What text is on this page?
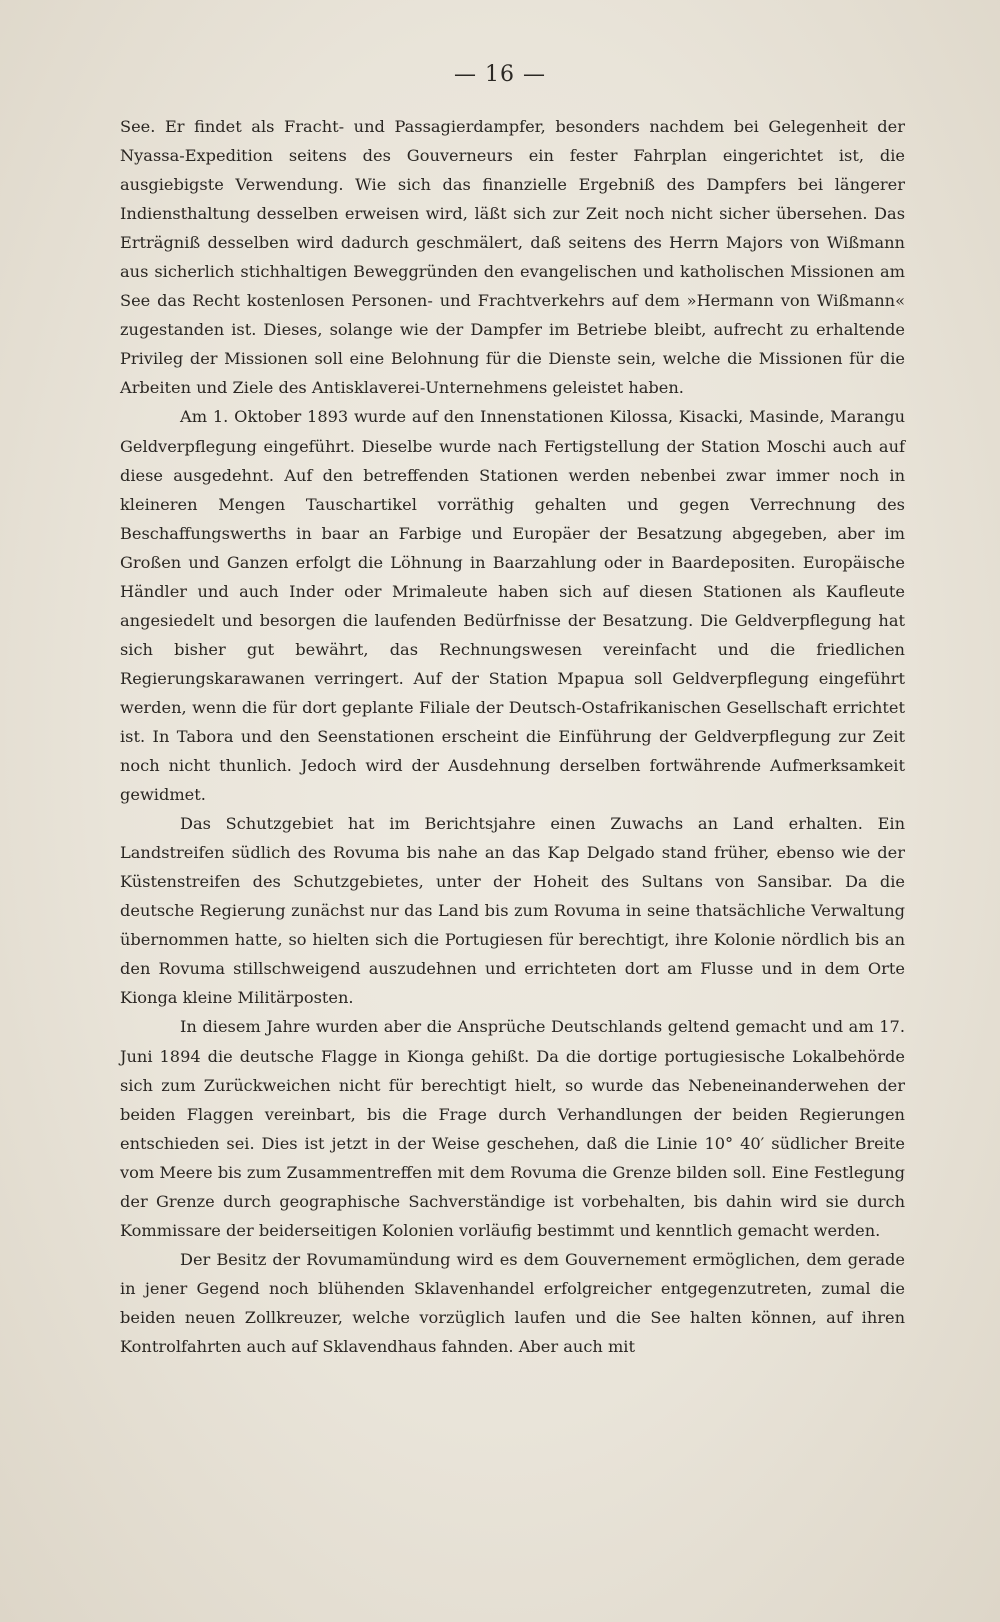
— 16 —

See. Er findet als Fracht- und Passagierdampfer, besonders nachdem bei Gelegenheit der Nyassa-Expedition seitens des Gouverneurs ein fester Fahrplan eingerichtet ist, die ausgiebigste Verwendung. Wie sich das finanzielle Ergebniß des Dampfers bei längerer Indiensthaltung desselben erweisen wird, läßt sich zur Zeit noch nicht sicher übersehen. Das Erträgniß desselben wird dadurch geschmälert, daß seitens des Herrn Majors von Wißmann aus sicherlich stichhaltigen Beweggründen den evangelischen und katholischen Missionen am See das Recht kostenlosen Personen- und Frachtverkehrs auf dem »Hermann von Wißmann« zugestanden ist. Dieses, solange wie der Dampfer im Betriebe bleibt, aufrecht zu erhaltende Privileg der Missionen soll eine Belohnung für die Dienste sein, welche die Missionen für die Arbeiten und Ziele des Antisklaverei-Unternehmens geleistet haben.

Am 1. Oktober 1893 wurde auf den Innenstationen Kilossa, Kisacki, Masinde, Marangu Geldverpflegung eingeführt. Dieselbe wurde nach Fertigstellung der Station Moschi auch auf diese ausgedehnt. Auf den betreffenden Stationen werden nebenbei zwar immer noch in kleineren Mengen Tauschartikel vorräthig gehalten und gegen Verrechnung des Beschaffungswerths in baar an Farbige und Europäer der Besatzung abgegeben, aber im Großen und Ganzen erfolgt die Löhnung in Baarzahlung oder in Baardepositen. Europäische Händler und auch Inder oder Mrimaleute haben sich auf diesen Stationen als Kaufleute angesiedelt und besorgen die laufenden Bedürfnisse der Besatzung. Die Geldverpflegung hat sich bisher gut bewährt, das Rechnungswesen vereinfacht und die friedlichen Regierungskarawanen verringert. Auf der Station Mpapua soll Geldverpflegung eingeführt werden, wenn die für dort geplante Filiale der Deutsch-Ostafrikanischen Gesellschaft errichtet ist. In Tabora und den Seenstationen erscheint die Einführung der Geldverpflegung zur Zeit noch nicht thunlich. Jedoch wird der Ausdehnung derselben fortwährende Aufmerksamkeit gewidmet.

Das Schutzgebiet hat im Berichtsjahre einen Zuwachs an Land erhalten. Ein Landstreifen südlich des Rovuma bis nahe an das Kap Delgado stand früher, ebenso wie der Küstenstreifen des Schutzgebietes, unter der Hoheit des Sultans von Sansibar. Da die deutsche Regierung zunächst nur das Land bis zum Rovuma in seine thatsächliche Verwaltung übernommen hatte, so hielten sich die Portugiesen für berechtigt, ihre Kolonie nördlich bis an den Rovuma stillschweigend auszudehnen und errichteten dort am Flusse und in dem Orte Kionga kleine Militärposten.

In diesem Jahre wurden aber die Ansprüche Deutschlands geltend gemacht und am 17. Juni 1894 die deutsche Flagge in Kionga gehißt. Da die dortige portugiesische Lokalbehörde sich zum Zurückweichen nicht für berechtigt hielt, so wurde das Nebeneinanderwehen der beiden Flaggen vereinbart, bis die Frage durch Verhandlungen der beiden Regierungen entschieden sei. Dies ist jetzt in der Weise geschehen, daß die Linie 10° 40′ südlicher Breite vom Meere bis zum Zusammentreffen mit dem Rovuma die Grenze bilden soll. Eine Festlegung der Grenze durch geographische Sachverständige ist vorbehalten, bis dahin wird sie durch Kommissare der beiderseitigen Kolonien vorläufig bestimmt und kenntlich gemacht werden.

Der Besitz der Rovumamündung wird es dem Gouvernement ermöglichen, dem gerade in jener Gegend noch blühenden Sklavenhandel erfolgreicher entgegenzutreten, zumal die beiden neuen Zollkreuzer, welche vorzüglich laufen und die See halten können, auf ihren Kontrolfahrten auch auf Sklavendhaus fahnden. Aber auch mit
